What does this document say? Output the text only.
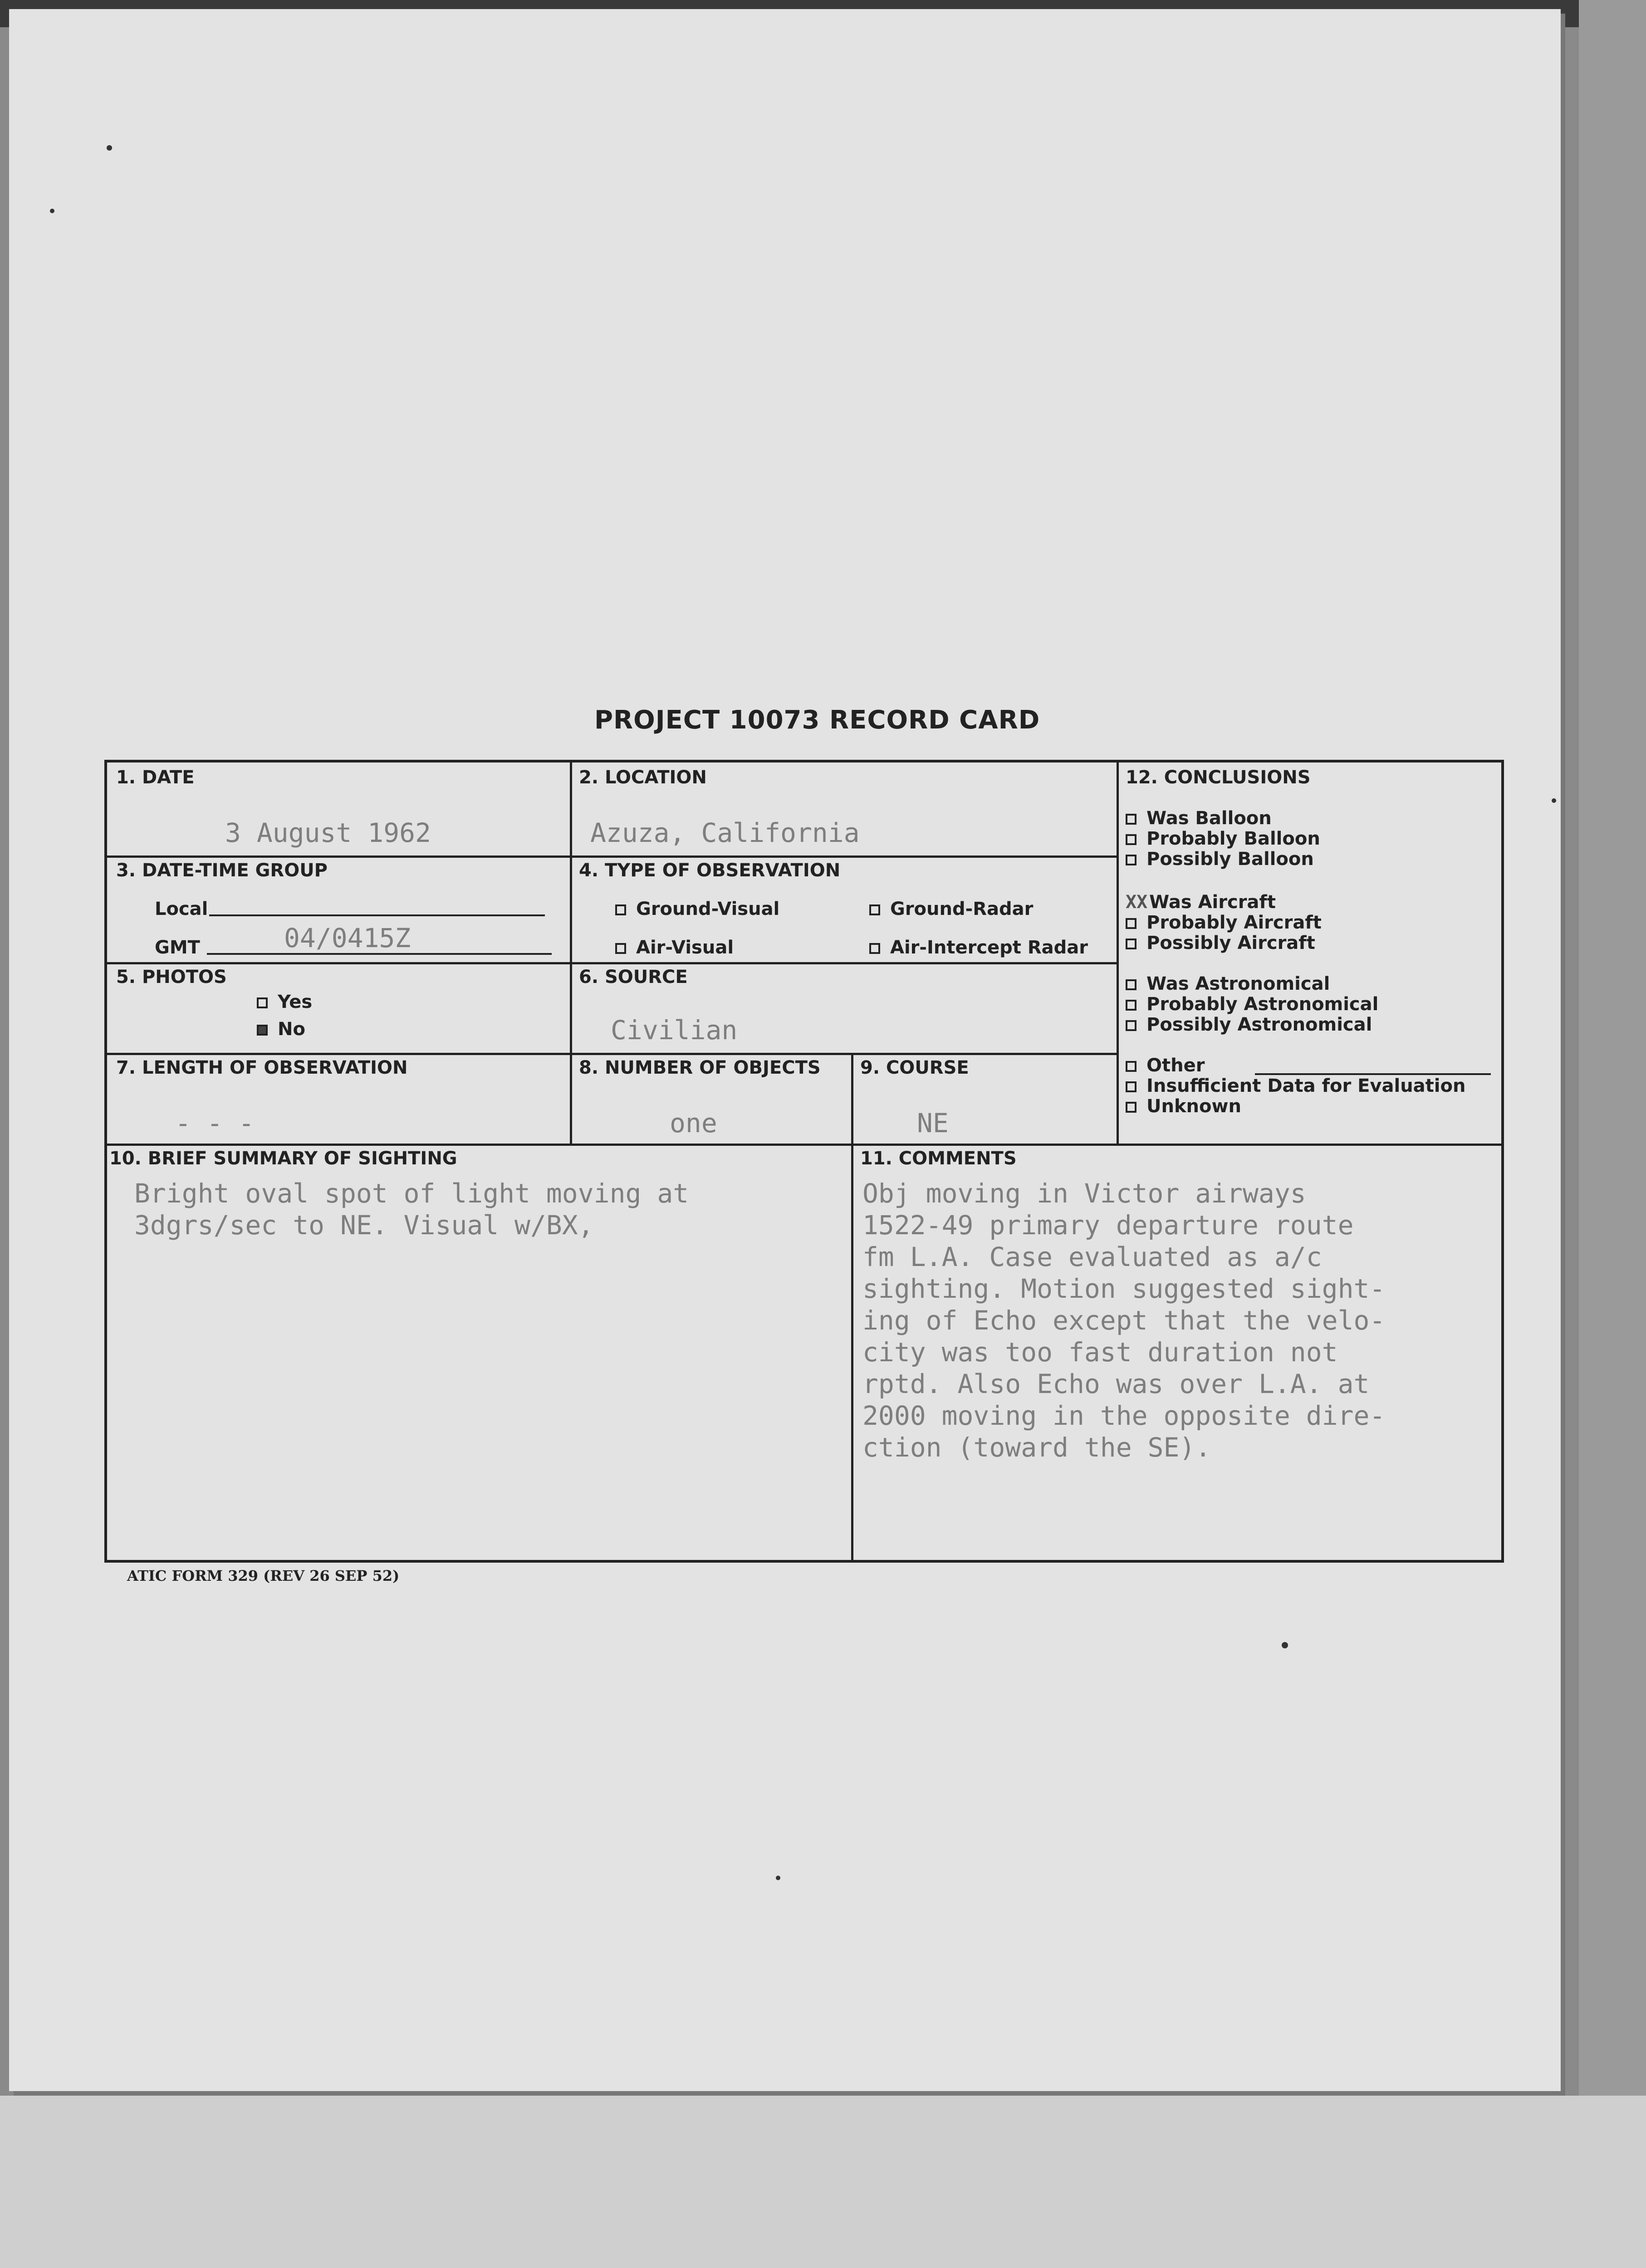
PROJECT 10073 RECORD CARD
1. DATE
3 August 1962
2. LOCATION
Azuza, California
3. DATE-TIME GROUP
Local
GMT	04/0415Z
4. TYPE OF OBSERVATION
Ground-Visual	Ground-Radar
Air-Visual	Air-Intercept Radar
5. PHOTOS
Yes
No
6. SOURCE
Civilian
7. LENGTH OF OBSERVATION
- - -
8. NUMBER OF OBJECTS
one
9. COURSE
NE
12. CONCLUSIONS
Was Balloon
Probably Balloon
Possibly Balloon
XX Was Aircraft
Probably Aircraft
Possibly Aircraft
Was Astronomical
Probably Astronomical
Possibly Astronomical
Other
Insufficient Data for Evaluation
Unknown
10. BRIEF SUMMARY OF SIGHTING
Bright oval spot of light moving at
3dgrs/sec to NE. Visual w/BX,
11. COMMENTS
Obj moving in Victor airways
1522-49 primary departure route
fm L.A. Case evaluated as a/c
sighting. Motion suggested sight-
ing of Echo except that the velo-
city was too fast duration not
rptd. Also Echo was over L.A. at
2000 moving in the opposite dire-
ction (toward the SE).
ATIC FORM 329 (REV 26 SEP 52)
